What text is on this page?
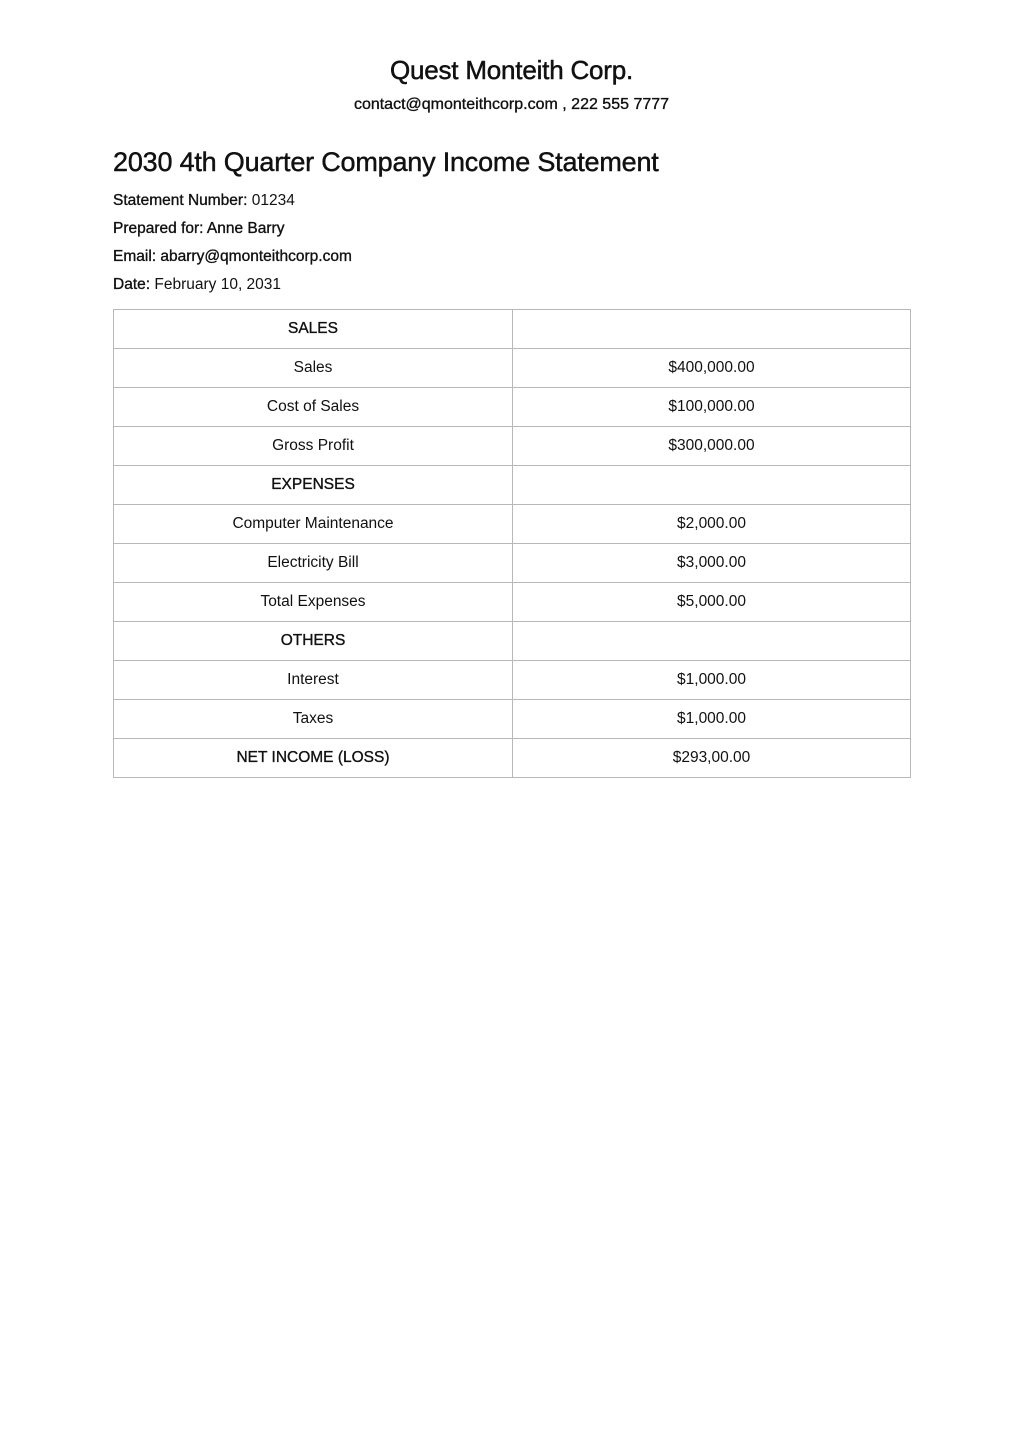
Quest Monteith Corp.
contact@qmonteithcorp.com , 222 555 7777
2030 4th Quarter Company Income Statement
Statement Number: 01234
Prepared for: Anne Barry
Email: abarry@qmonteithcorp.com
Date: February 10, 2031
SALES	
Sales	$400,000.00
Cost of Sales	$100,000.00
Gross Profit	$300,000.00
EXPENSES	
Computer Maintenance	$2,000.00
Electricity Bill	$3,000.00
Total Expenses	$5,000.00
OTHERS	
Interest	$1,000.00
Taxes	$1,000.00
NET INCOME (LOSS)	$293,00.00
